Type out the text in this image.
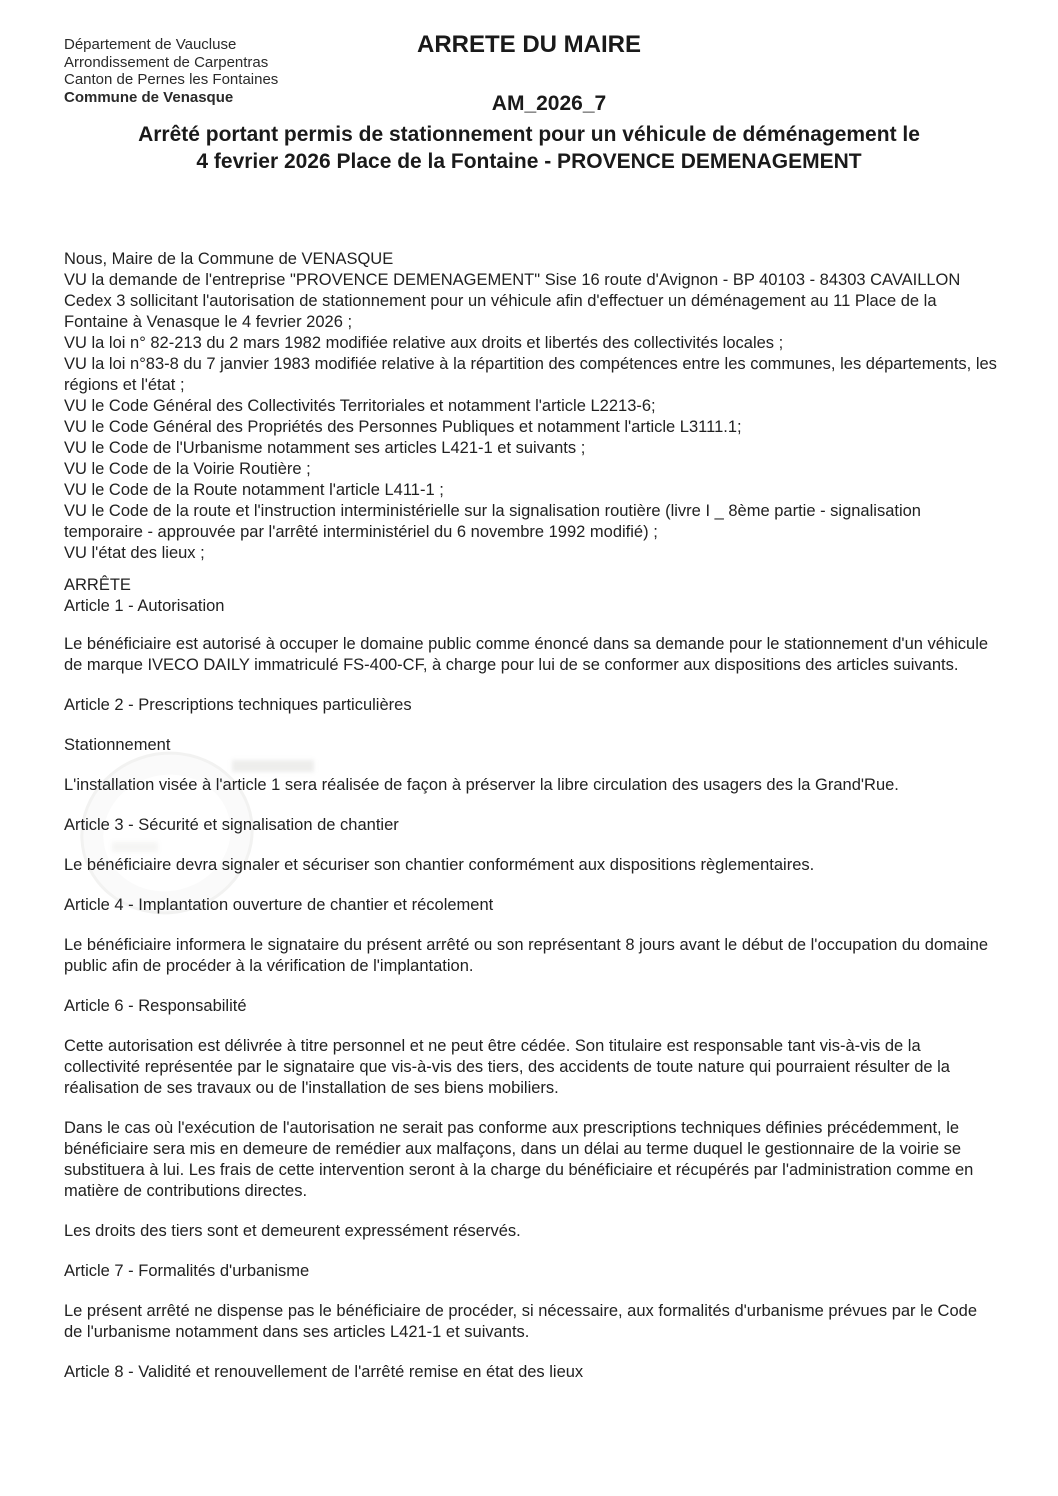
Département de Vaucluse
Arrondissement de Carpentras
Canton de Pernes les Fontaines
Commune de Venasque
ARRETE DU MAIRE
AM_2026_7
Arrêté portant permis de stationnement pour un véhicule de déménagement le
4 fevrier 2026 Place de la Fontaine - PROVENCE DEMENAGEMENT
Nous, Maire de la Commune de VENASQUE
VU la demande de l'entreprise "PROVENCE DEMENAGEMENT" Sise 16 route d'Avignon - BP 40103 - 84303 CAVAILLON Cedex 3 sollicitant l'autorisation de stationnement pour un véhicule afin d'effectuer un déménagement au 11 Place de la Fontaine à Venasque le 4 fevrier 2026 ;
VU la loi n° 82-213 du 2 mars 1982 modifiée relative aux droits et libertés des collectivités locales ;
VU la loi n°83-8 du 7 janvier 1983 modifiée relative à la répartition des compétences entre les communes, les départements, les régions et l'état ;
VU le Code Général des Collectivités Territoriales et notamment l'article L2213-6;
VU le Code Général des Propriétés des Personnes Publiques et notamment l'article L3111.1;
VU le Code de l'Urbanisme notamment ses articles L421-1 et suivants ;
VU le Code de la Voirie Routière ;
VU le Code de la Route notamment l'article L411-1 ;
VU le Code de la route et l'instruction interministérielle sur la signalisation routière (livre I _ 8ème partie - signalisation temporaire - approuvée par l'arrêté interministériel du 6 novembre 1992 modifié) ;
VU l'état des lieux ;
ARRÊTE
Article 1 - Autorisation

Le bénéficiaire est autorisé à occuper le domaine public comme énoncé dans sa demande pour le stationnement d'un véhicule de marque IVECO DAILY immatriculé FS-400-CF, à charge pour lui de se conformer aux dispositions des articles suivants.

Article 2 - Prescriptions techniques particulières

Stationnement

L'installation visée à l'article 1 sera réalisée de façon à préserver la libre circulation des usagers des la Grand'Rue.

Article 3 - Sécurité et signalisation de chantier

Le bénéficiaire devra signaler et sécuriser son chantier conformément aux dispositions règlementaires.

Article 4 - Implantation ouverture de chantier et récolement

Le bénéficiaire informera le signataire du présent arrêté ou son représentant 8 jours avant le début de l'occupation du domaine public afin de procéder à la vérification de l'implantation.

Article 6 - Responsabilité

Cette autorisation est délivrée à titre personnel et ne peut être cédée. Son titulaire est responsable tant vis-à-vis de la collectivité représentée par le signataire que vis-à-vis des tiers, des accidents de toute nature qui pourraient résulter de la réalisation de ses travaux ou de l'installation de ses biens mobiliers.

Dans le cas où l'exécution de l'autorisation ne serait pas conforme aux prescriptions techniques définies précédemment, le bénéficiaire sera mis en demeure de remédier aux malfaçons, dans un délai au terme duquel le gestionnaire de la voirie se substituera à lui. Les frais de cette intervention seront à la charge du bénéficiaire et récupérés par l'administration comme en matière de contributions directes.

Les droits des tiers sont et demeurent expressément réservés.

Article 7 - Formalités d'urbanisme

Le présent arrêté ne dispense pas le bénéficiaire de procéder, si nécessaire, aux formalités d'urbanisme prévues par le Code de l'urbanisme notamment dans ses articles L421-1 et suivants.

Article 8 - Validité et renouvellement de l'arrêté remise en état des lieux
